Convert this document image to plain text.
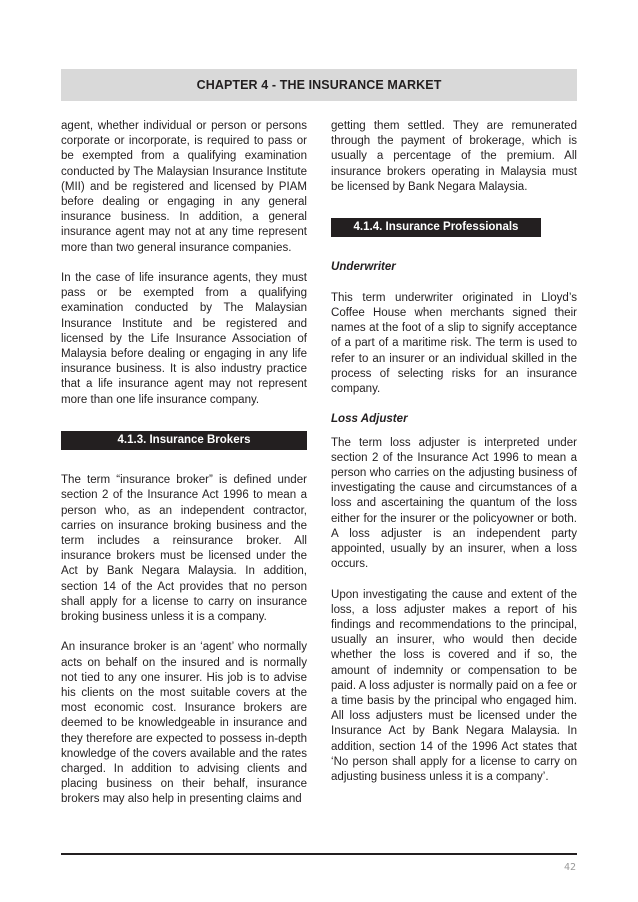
CHAPTER 4 - THE INSURANCE MARKET

agent, whether individual or person or persons corporate or incorporate, is required to pass or be exempted from a qualifying examination conducted by The Malaysian Insurance Institute (MII) and be registered and licensed by PIAM before dealing or engaging in any general insurance business. In addition, a general insurance agent may not at any time represent more than two general insurance companies.

In the case of life insurance agents, they must pass or be exempted from a qualifying examination conducted by The Malaysian Insurance Institute and be registered and licensed by the Life Insurance Association of Malaysia before dealing or engaging in any life insurance business. It is also industry practice that a life insurance agent may not represent more than one life insurance company.

4.1.3. Insurance Brokers

The term “insurance broker” is defined under section 2 of the Insurance Act 1996 to mean a person who, as an independent contractor, carries on insurance broking business and the term includes a reinsurance broker. All insurance brokers must be licensed under the Act by Bank Negara Malaysia. In addition, section 14 of the Act provides that no person shall apply for a license to carry on insurance broking business unless it is a company.

An insurance broker is an ‘agent’ who normally acts on behalf on the insured and is normally not tied to any one insurer. His job is to advise his clients on the most suitable covers at the most economic cost. Insurance brokers are deemed to be knowledgeable in insurance and they therefore are expected to possess in-depth knowledge of the covers available and the rates charged. In addition to advising clients and placing business on their behalf, insurance brokers may also help in presenting claims and

getting them settled. They are remunerated through the payment of brokerage, which is usually a percentage of the premium. All insurance brokers operating in Malaysia must be licensed by Bank Negara Malaysia.

4.1.4. Insurance Professionals

Underwriter

This term underwriter originated in Lloyd’s Coffee House when merchants signed their names at the foot of a slip to signify acceptance of a part of a maritime risk. The term is used to refer to an insurer or an individual skilled in the process of selecting risks for an insurance company.

Loss Adjuster

The term loss adjuster is interpreted under section 2 of the Insurance Act 1996 to mean a person who carries on the adjusting business of investigating the cause and circumstances of a loss and ascertaining the quantum of the loss either for the insurer or the policyowner or both. A loss adjuster is an independent party appointed, usually by an insurer, when a loss occurs.

Upon investigating the cause and extent of the loss, a loss adjuster makes a report of his findings and recommendations to the principal, usually an insurer, who would then decide whether the loss is covered and if so, the amount of indemnity or compensation to be paid. A loss adjuster is normally paid on a fee or a time basis by the principal who engaged him. All loss adjusters must be licensed under the Insurance Act by Bank Negara Malaysia. In addition, section 14 of the 1996 Act states that ‘No person shall apply for a license to carry on adjusting business unless it is a company’.

42
